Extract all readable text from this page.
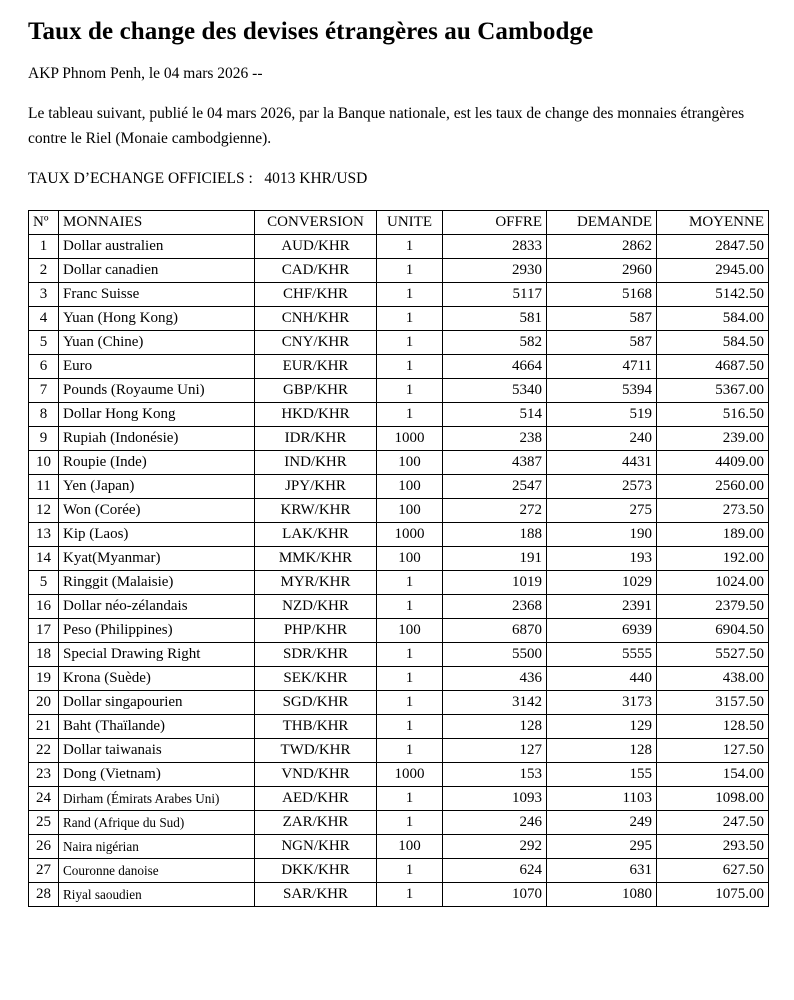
Taux de change des devises étrangères au Cambodge

AKP Phnom Penh, le 04 mars 2026 --

Le tableau suivant, publié le 04 mars 2026, par la Banque nationale, est les taux de change des monnaies étrangères contre le Riel (Monaie cambodgienne).

TAUX D’ECHANGE OFFICIELS :   4013 KHR/USD

Nº	MONNAIES	CONVERSION	UNITE	OFFRE	DEMANDE	MOYENNE
1	Dollar australien	AUD/KHR	1	2833	2862	2847.50
2	Dollar canadien	CAD/KHR	1	2930	2960	2945.00
3	Franc Suisse	CHF/KHR	1	5117	5168	5142.50
4	Yuan (Hong Kong)	CNH/KHR	1	581	587	584.00
5	Yuan (Chine)	CNY/KHR	1	582	587	584.50
6	Euro	EUR/KHR	1	4664	4711	4687.50
7	Pounds (Royaume Uni)	GBP/KHR	1	5340	5394	5367.00
8	Dollar Hong Kong	HKD/KHR	1	514	519	516.50
9	Rupiah (Indonésie)	IDR/KHR	1000	238	240	239.00
10	Roupie (Inde)	IND/KHR	100	4387	4431	4409.00
11	Yen (Japan)	JPY/KHR	100	2547	2573	2560.00
12	Won (Corée)	KRW/KHR	100	272	275	273.50
13	Kip (Laos)	LAK/KHR	1000	188	190	189.00
14	Kyat(Myanmar)	MMK/KHR	100	191	193	192.00
5	Ringgit (Malaisie)	MYR/KHR	1	1019	1029	1024.00
16	Dollar néo-zélandais	NZD/KHR	1	2368	2391	2379.50
17	Peso (Philippines)	PHP/KHR	100	6870	6939	6904.50
18	Special Drawing Right	SDR/KHR	1	5500	5555	5527.50
19	Krona (Suède)	SEK/KHR	1	436	440	438.00
20	Dollar singapourien	SGD/KHR	1	3142	3173	3157.50
21	Baht (Thaïlande)	THB/KHR	1	128	129	128.50
22	Dollar taiwanais	TWD/KHR	1	127	128	127.50
23	Dong (Vietnam)	VND/KHR	1000	153	155	154.00
24	Dirham (Émirats Arabes Uni)	AED/KHR	1	1093	1103	1098.00
25	Rand (Afrique du Sud)	ZAR/KHR	1	246	249	247.50
26	Naira nigérian	NGN/KHR	100	292	295	293.50
27	Couronne danoise	DKK/KHR	1	624	631	627.50
28	Riyal saoudien	SAR/KHR	1	1070	1080	1075.00
